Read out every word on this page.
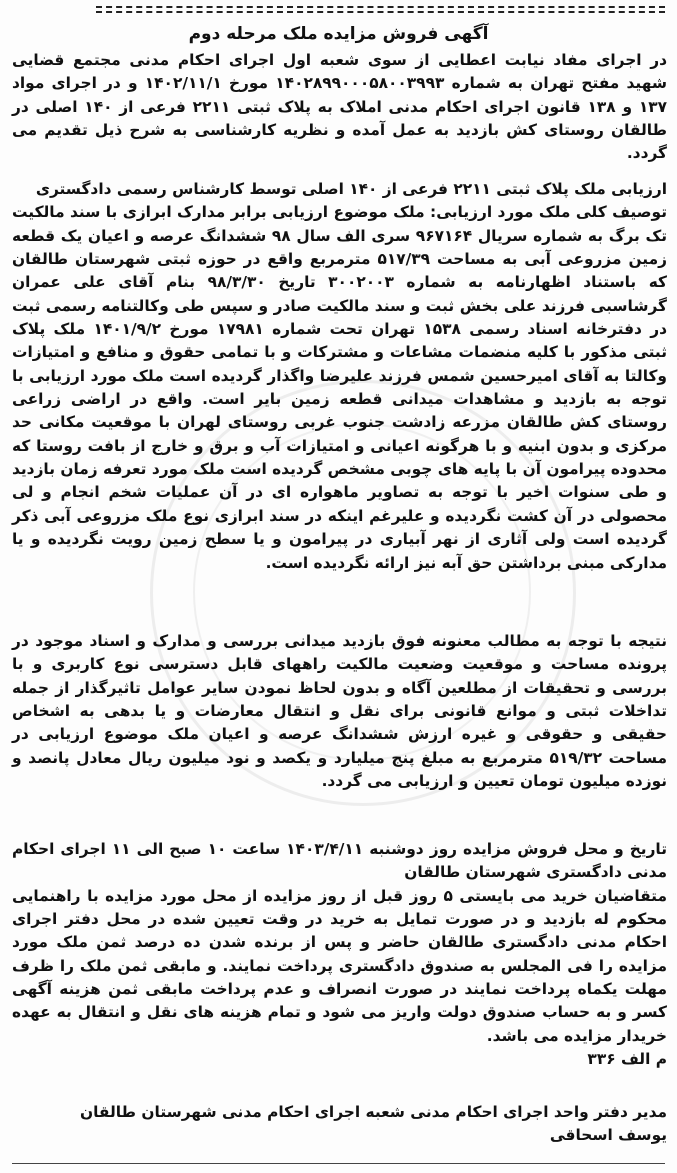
آگهی فروش مزایده ملک مرحله دوم

در اجرای مفاد نیابت اعطایی از سوی شعبه اول اجرای احکام مدنی مجتمع قضایی شهید مفتح تهران به شماره ۱۴۰۲۸۹۹۰۰۰۵۸۰۰۳۹۹۳ مورخ ۱۴۰۲/۱۱/۱ و در اجرای مواد ۱۳۷ و ۱۳۸ قانون اجرای احکام مدنی املاک به پلاک ثبتی ۲۲۱۱ فرعی از ۱۴۰ اصلی در طالقان روستای کش بازدید به عمل آمده و نظریه کارشناسی به شرح ذیل تقدیم می گردد.

ارزیابی ملک پلاک ثبتی ۲۲۱۱ فرعی از ۱۴۰ اصلی توسط کارشناس رسمی دادگستری

توصیف کلی ملک مورد ارزیابی: ملک موضوع ارزیابی برابر مدارک ابرازی با سند مالکیت تک برگ به شماره سریال ۹۶۷۱۶۴ سری الف سال ۹۸ ششدانگ عرصه و اعیان یک قطعه زمین مزروعی آبی به مساحت ۵۱۷/۳۹ مترمربع واقع در حوزه ثبتی شهرستان طالقان که باستناد اظهارنامه به شماره ۳۰۰۲۰۰۳ تاریخ ۹۸/۳/۳۰ بنام آقای علی عمران گرشاسبی فرزند علی بخش ثبت و سند مالکیت صادر و سپس طی وکالتنامه رسمی ثبت در دفترخانه اسناد رسمی ۱۵۳۸ تهران تحت شماره ۱۷۹۸۱ مورخ ۱۴۰۱/۹/۲ ملک پلاک ثبتی مذکور با کلیه منضمات مشاعات و مشترکات و با تمامی حقوق و منافع و امتیازات وکالتا به آقای امیرحسین شمس فرزند علیرضا واگذار گردیده است ملک مورد ارزیابی با توجه به بازدید و مشاهدات میدانی قطعه زمین بایر است. واقع در اراضی زراعی روستای کش طالقان مزرعه زادشت جنوب غربی روستای لهران با موقعیت مکانی حد مرکزی و بدون ابنیه و با هرگونه اعیانی و امتیازات آب و برق و خارج از بافت روستا که محدوده پیرامون آن با پایه های چوبی مشخص گردیده است ملک مورد تعرفه زمان بازدید و طی سنوات اخیر با توجه به تصاویر ماهواره ای در آن عملیات شخم انجام و لی محصولی در آن کشت نگردیده و علیرغم اینکه در سند ابرازی نوع ملک مزروعی آبی ذکر گردیده است ولی آثاری از نهر آبیاری در پیرامون و یا سطح زمین رویت نگردیده و یا مدارکی مبنی برداشتن حق آبه نیز ارائه نگردیده است.

نتیجه با توجه به مطالب معنونه فوق بازدید میدانی بررسی و مدارک و اسناد موجود در پرونده مساحت و موقعیت وضعیت مالکیت راههای قابل دسترسی نوع کاربری و با بررسی و تحقیقات از مطلعین آگاه و بدون لحاظ نمودن سایر عوامل تاثیرگذار از جمله تداخلات ثبتی و موانع قانونی برای نقل و انتقال معارضات و یا بدهی به اشخاص حقیقی و حقوقی و غیره ارزش ششدانگ عرصه و اعیان ملک موضوع ارزیابی در مساحت ۵۱۹/۳۲ مترمربع به مبلغ پنج میلیارد و یکصد و نود میلیون ریال معادل پانصد و نوزده میلیون تومان تعیین و ارزیابی می گردد.

تاریخ و محل فروش مزایده روز دوشنبه ۱۴۰۳/۴/۱۱ ساعت ۱۰ صبح الی ۱۱ اجرای احکام مدنی دادگستری شهرستان طالقان

متقاضیان خرید می بایستی ۵ روز قبل از روز مزایده از محل مورد مزایده با راهنمایی محکوم له بازدید و در صورت تمایل به خرید در وقت تعیین شده در محل دفتر اجرای احکام مدنی دادگستری طالقان حاضر و پس از برنده شدن ده درصد ثمن ملک مورد مزایده را فی المجلس به صندوق دادگستری پرداخت نمایند. و مابقی ثمن ملک را ظرف مهلت یکماه پرداخت نمایند در صورت انصراف و عدم پرداخت مابقی ثمن هزینه آگهی کسر و به حساب صندوق دولت واریز می شود و تمام هزینه های نقل و انتقال به عهده خریدار مزایده می باشد.

م الف ۳۳۶

مدیر دفتر واحد اجرای احکام مدنی شعبه اجرای احکام مدنی شهرستان طالقان

یوسف اسحاقی
